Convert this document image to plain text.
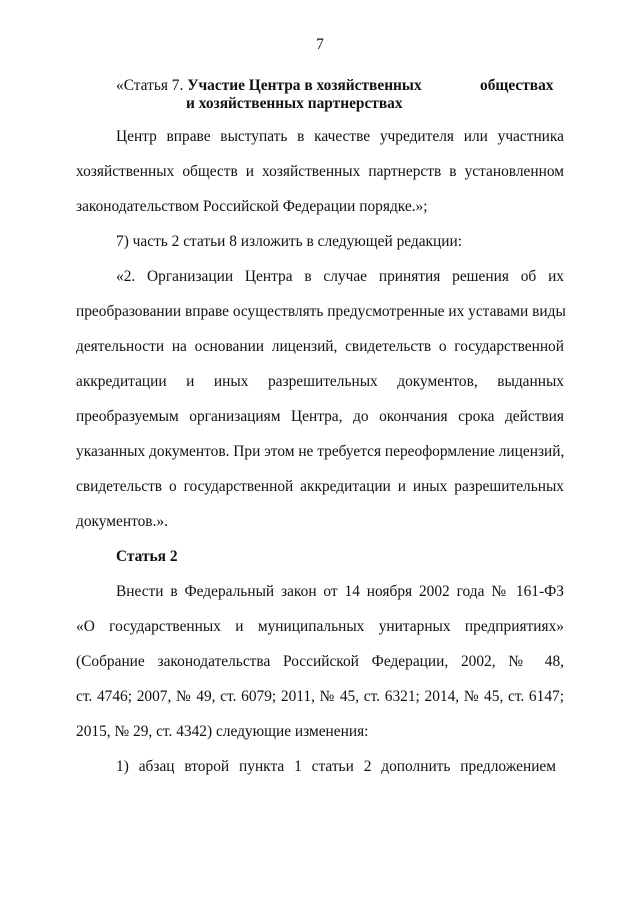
7
«Статья 7. Участие Центра в хозяйственных	обществах
и хозяйственных партнерствах
Центр вправе выступать в качестве учредителя или участника
хозяйственных обществ и хозяйственных партнерств в установленном
законодательством Российской Федерации порядке.»;
7) часть 2 статьи 8 изложить в следующей редакции:
«2. Организации Центра в случае принятия решения об их
преобразовании вправе осуществлять предусмотренные их уставами виды
деятельности на основании лицензий, свидетельств о государственной
аккредитации и иных разрешительных документов, выданных
преобразуемым организациям Центра, до окончания срока действия
указанных документов. При этом не требуется переоформление лицензий,
свидетельств о государственной аккредитации и иных разрешительных
документов.».
Статья 2
Внести в Федеральный закон от 14 ноября 2002 года № 161-ФЗ
«О государственных и муниципальных унитарных предприятиях»
(Собрание законодательства Российской Федерации, 2002, № 48,
ст. 4746; 2007, № 49, ст. 6079; 2011, № 45, ст. 6321; 2014, № 45, ст. 6147;
2015, № 29, ст. 4342) следующие изменения:
1) абзац второй пункта 1 статьи 2 дополнить предложением
